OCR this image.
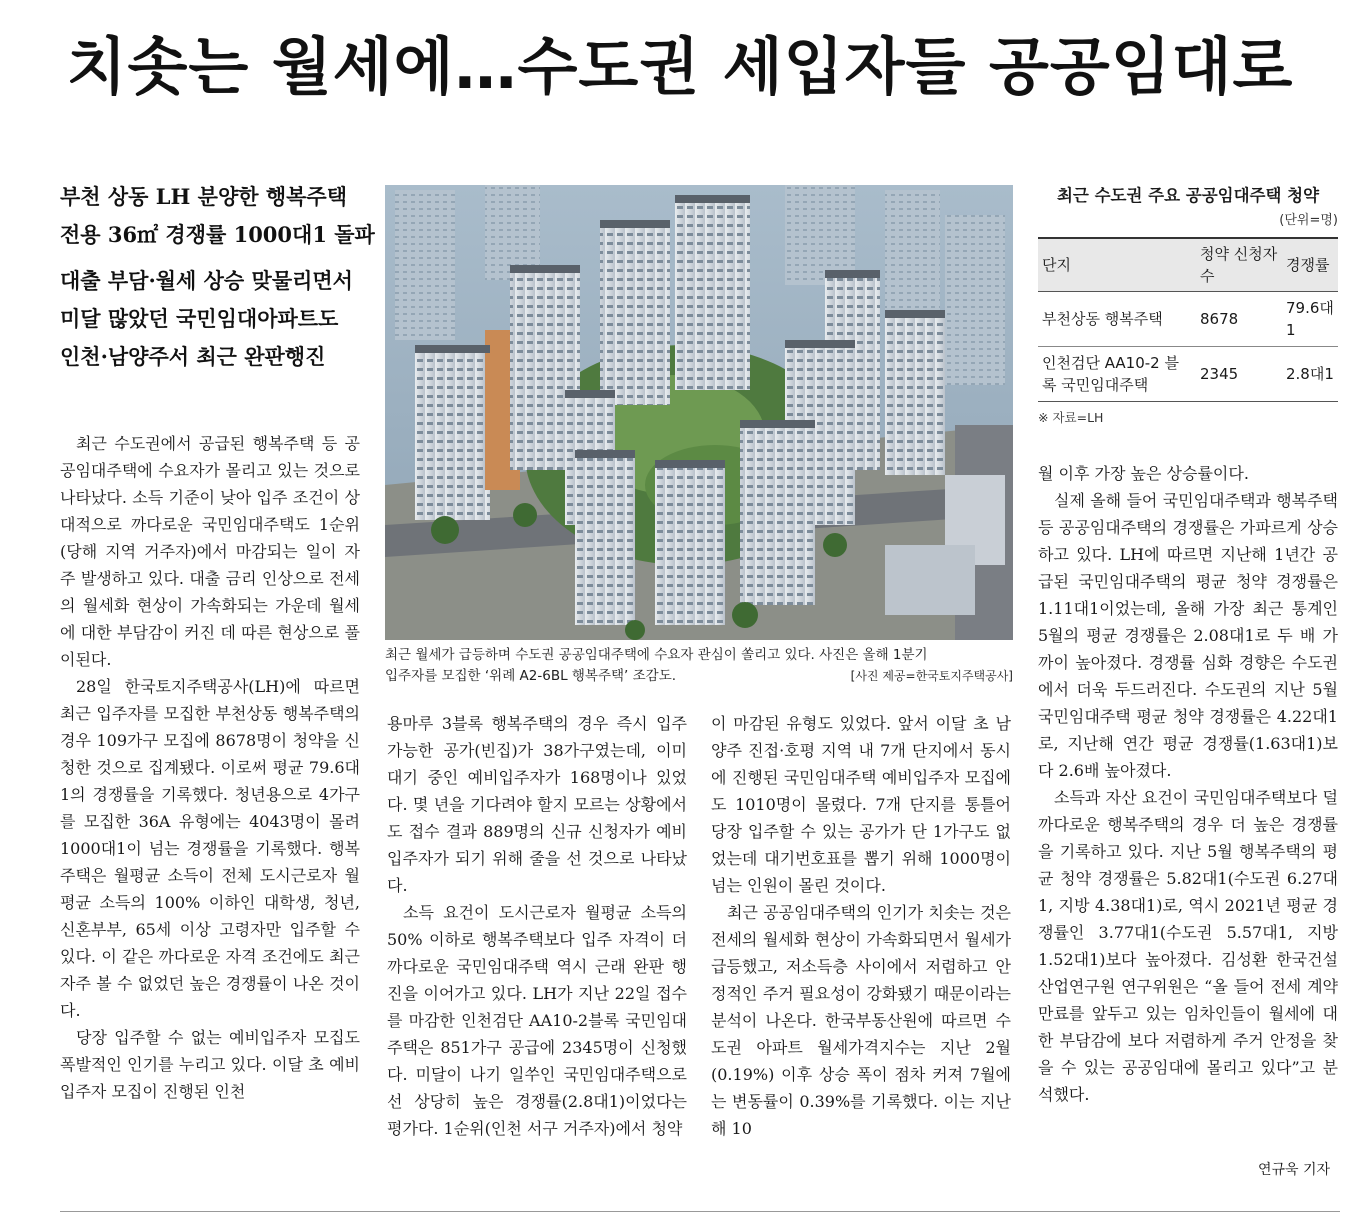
치솟는 월세에…수도권 세입자들 공공임대로
부천 상동 LH 분양한 행복주택
전용 36㎡ 경쟁률 1000대1 돌파
대출 부담·월세 상승 맞물리면서
미달 많았던 국민임대아파트도
인천·남양주서 최근 완판행진
최근 월세가 급등하며 수도권 공공임대주택에 수요자 관심이 쏠리고 있다. 사진은 올해 1분기
입주자를 모집한 ‘위례 A2-6BL 행복주택’ 조감도.	[사진 제공=한국토지주택공사]
최근 수도권 주요 공공임대주택 청약
(단위=명)
단지	청약 신청자 수	경쟁률
부천상동 행복주택	8678	79.6대1
인천검단 AA10-2 블록 국민임대주택	2345	2.8대1
※ 자료=LH

최근 수도권에서 공급된 행복주택 등 공공임대주택에 수요자가 몰리고 있는 것으로 나타났다. 소득 기준이 낮아 입주 조건이 상대적으로 까다로운 국민임대주택도 1순위(당해 지역 거주자)에서 마감되는 일이 자주 발생하고 있다. 대출 금리 인상으로 전세의 월세화 현상이 가속화되는 가운데 월세에 대한 부담감이 커진 데 따른 현상으로 풀이된다.

28일 한국토지주택공사(LH)에 따르면 최근 입주자를 모집한 부천상동 행복주택의 경우 109가구 모집에 8678명이 청약을 신청한 것으로 집계됐다. 이로써 평균 79.6대1의 경쟁률을 기록했다. 청년용으로 4가구를 모집한 36A 유형에는 4043명이 몰려 1000대1이 넘는 경쟁률을 기록했다. 행복주택은 월평균 소득이 전체 도시근로자 월평균 소득의 100% 이하인 대학생, 청년, 신혼부부, 65세 이상 고령자만 입주할 수 있다. 이 같은 까다로운 자격 조건에도 최근 자주 볼 수 없었던 높은 경쟁률이 나온 것이다.

당장 입주할 수 없는 예비입주자 모집도 폭발적인 인기를 누리고 있다. 이달 초 예비입주자 모집이 진행된 인천

용마루 3블록 행복주택의 경우 즉시 입주 가능한 공가(빈집)가 38가구였는데, 이미 대기 중인 예비입주자가 168명이나 있었다. 몇 년을 기다려야 할지 모르는 상황에서도 접수 결과 889명의 신규 신청자가 예비입주자가 되기 위해 줄을 선 것으로 나타났다.

소득 요건이 도시근로자 월평균 소득의 50% 이하로 행복주택보다 입주 자격이 더 까다로운 국민임대주택 역시 근래 완판 행진을 이어가고 있다. LH가 지난 22일 접수를 마감한 인천검단 AA10-2블록 국민임대주택은 851가구 공급에 2345명이 신청했다. 미달이 나기 일쑤인 국민임대주택으로선 상당히 높은 경쟁률(2.8대1)이었다는 평가다. 1순위(인천 서구 거주자)에서 청약

이 마감된 유형도 있었다. 앞서 이달 초 남양주 진접·호평 지역 내 7개 단지에서 동시에 진행된 국민임대주택 예비입주자 모집에도 1010명이 몰렸다. 7개 단지를 통틀어 당장 입주할 수 있는 공가가 단 1가구도 없었는데 대기번호표를 뽑기 위해 1000명이 넘는 인원이 몰린 것이다.

최근 공공임대주택의 인기가 치솟는 것은 전세의 월세화 현상이 가속화되면서 월세가 급등했고, 저소득층 사이에서 저렴하고 안정적인 주거 필요성이 강화됐기 때문이라는 분석이 나온다. 한국부동산원에 따르면 수도권 아파트 월세가격지수는 지난 2월(0.19%) 이후 상승 폭이 점차 커져 7월에는 변동률이 0.39%를 기록했다. 이는 지난해 10

월 이후 가장 높은 상승률이다.

실제 올해 들어 국민임대주택과 행복주택 등 공공임대주택의 경쟁률은 가파르게 상승하고 있다. LH에 따르면 지난해 1년간 공급된 국민임대주택의 평균 청약 경쟁률은 1.11대1이었는데, 올해 가장 최근 통계인 5월의 평균 경쟁률은 2.08대1로 두 배 가까이 높아졌다. 경쟁률 심화 경향은 수도권에서 더욱 두드러진다. 수도권의 지난 5월 국민임대주택 평균 청약 경쟁률은 4.22대1로, 지난해 연간 평균 경쟁률(1.63대1)보다 2.6배 높아졌다.

소득과 자산 요건이 국민임대주택보다 덜 까다로운 행복주택의 경우 더 높은 경쟁률을 기록하고 있다. 지난 5월 행복주택의 평균 청약 경쟁률은 5.82대1(수도권 6.27대1, 지방 4.38대1)로, 역시 2021년 평균 경쟁률인 3.77대1(수도권 5.57대1, 지방 1.52대1)보다 높아졌다. 김성환 한국건설산업연구원 연구위원은 “올 들어 전세 계약 만료를 앞두고 있는 임차인들이 월세에 대한 부담감에 보다 저렴하게 주거 안정을 찾을 수 있는 공공임대에 몰리고 있다”고 분석했다.

연규욱 기자
